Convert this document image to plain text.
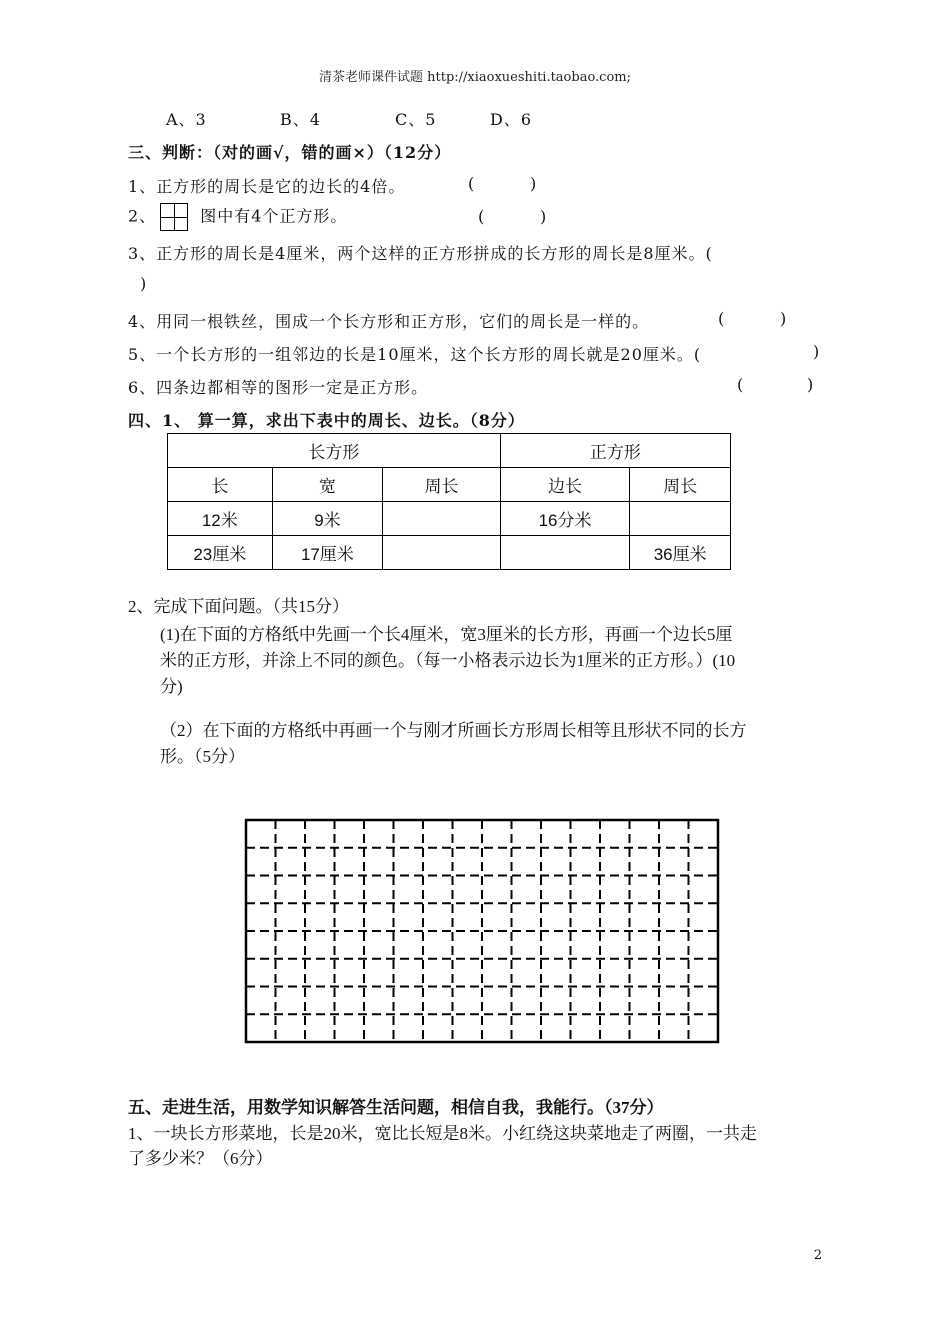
清茶老师课件试题 http://xiaoxueshiti.taobao.com;
A、3	B、4	C、5	D、6
三、判断：（对的画√，错的画×）（12分）
1、正方形的周长是它的边长的4倍。	(	)
2、	图中有4个正方形。	(	)
3、正方形的周长是4厘米，两个这样的正方形拼成的长方形的周长是8厘米。(
)
4、用同一根铁丝，围成一个长方形和正方形，它们的周长是一样的。	(	)
5、一个长方形的一组邻边的长是10厘米，这个长方形的周长就是20厘米。(	)
6、四条边都相等的图形一定是正方形。	(	)
四、1、 算一算，求出下表中的周长、边长。（8分）
长方形			正方形	
长	宽	周长	边长	周长
12米	9米		16分米	
23厘米	17厘米			36厘米
2、完成下面问题。（共15分）
(1)在下面的方格纸中先画一个长4厘米，宽3厘米的长方形，再画一个边长5厘
米的正方形，并涂上不同的颜色。（每一小格表示边长为1厘米的正方形。）(10
分)
（2）在下面的方格纸中再画一个与刚才所画长方形周长相等且形状不同的长方
形。（5分）
五、走进生活，用数学知识解答生活问题，相信自我，我能行。（37分）
1、一块长方形菜地，长是20米，宽比长短是8米。小红绕这块菜地走了两圈，一共走
了多少米？（6分）
2
